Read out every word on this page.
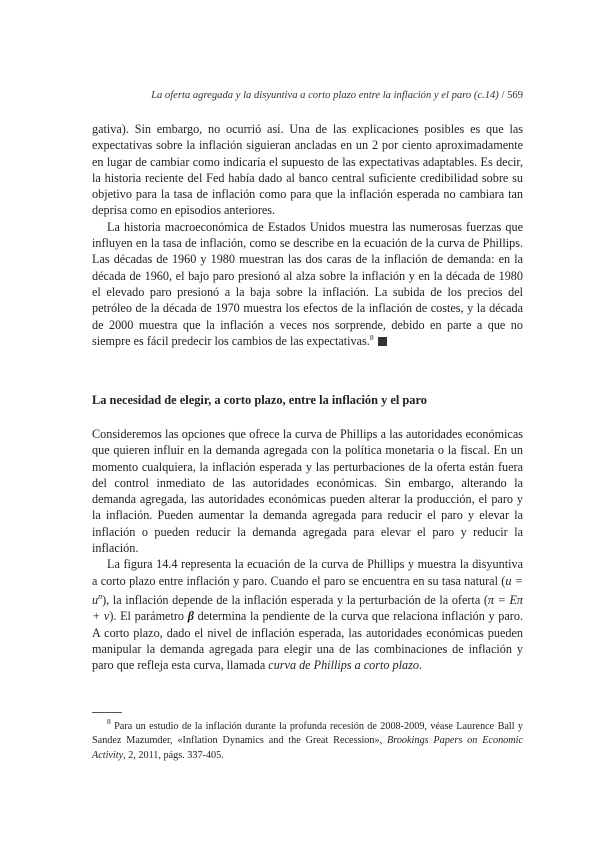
La oferta agregada y la disyuntiva a corto plazo entre la inflación y el paro (c.14) / 569

gativa). Sin embargo, no ocurrió así. Una de las explicaciones posibles es que las expectativas sobre la inflación siguieran ancladas en un 2 por ciento aproximadamente en lugar de cambiar como indicaría el supuesto de las expectativas adaptables. Es decir, la historia reciente del Fed había dado al banco central suficiente credibilidad sobre su objetivo para la tasa de inflación como para que la inflación esperada no cambiara tan deprisa como en episodios anteriores.

La historia macroeconómica de Estados Unidos muestra las numerosas fuerzas que influyen en la tasa de inflación, como se describe en la ecuación de la curva de Phillips. Las décadas de 1960 y 1980 muestran las dos caras de la inflación de demanda: en la década de 1960, el bajo paro presionó al alza sobre la inflación y en la década de 1980 el elevado paro presionó a la baja sobre la inflación. La subida de los precios del petróleo de la década de 1970 muestra los efectos de la inflación de costes, y la década de 2000 muestra que la inflación a veces nos sorprende, debido en parte a que no siempre es fácil predecir los cambios de las expectativas.$^8$

La necesidad de elegir, a corto plazo, entre la inflación y el paro

Consideremos las opciones que ofrece la curva de Phillips a las autoridades económicas que quieren influir en la demanda agregada con la política monetaria o la fiscal. En un momento cualquiera, la inflación esperada y las perturbaciones de la oferta están fuera del control inmediato de las autoridades económicas. Sin embargo, alterando la demanda agregada, las autoridades económicas pueden alterar la producción, el paro y la inflación. Pueden aumentar la demanda agregada para reducir el paro y elevar la inflación o pueden reducir la demanda agregada para elevar el paro y reducir la inflación.

La figura 14.4 representa la ecuación de la curva de Phillips y muestra la disyuntiva a corto plazo entre inflación y paro. Cuando el paro se encuentra en su tasa natural $(u = u^n)$, la inflación depende de la inflación esperada y la perturbación de la oferta (π = Eπ + v). El parámetro β determina la pendiente de la curva que relaciona inflación y paro. A corto plazo, dado el nivel de inflación esperada, las autoridades económicas pueden manipular la demanda agregada para elegir una de las combinaciones de inflación y paro que refleja esta curva, llamada curva de Phillips a corto plazo.

$^8$ Para un estudio de la inflación durante la profunda recesión de 2008-2009, véase Laurence Ball y Sandez Mazumder, «Inflation Dynamics and the Great Recession», Brookings Papers on Economic Activity, 2, 2011, págs. 337-405.
